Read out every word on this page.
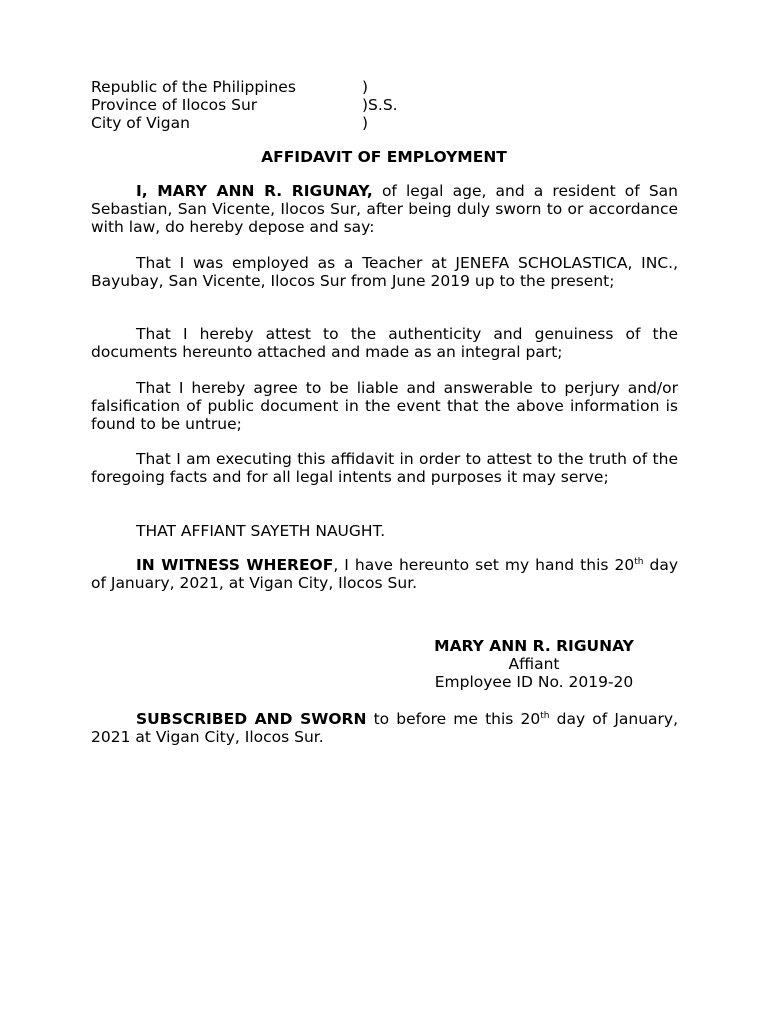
Republic of the Philippines	)
Province of Ilocos Sur	)S.S.
City of Vigan	)
AFFIDAVIT OF EMPLOYMENT

I, MARY ANN R. RIGUNAY, of legal age, and a resident of San Sebastian, San Vicente, Ilocos Sur, after being duly sworn to or accordance with law, do hereby depose and say:

That I was employed as a Teacher at JENEFA SCHOLASTICA, INC., Bayubay, San Vicente, Ilocos Sur from June 2019 up to the present;

That I hereby attest to the authenticity and genuiness of the documents hereunto attached and made as an integral part;

That I hereby agree to be liable and answerable to perjury and/or falsification of public document in the event that the above information is found to be untrue;

That I am executing this affidavit in order to attest to the truth of the foregoing facts and for all legal intents and purposes it may serve;

THAT AFFIANT SAYETH NAUGHT.

IN WITNESS WHEREOF, I have hereunto set my hand this 20th day of January, 2021, at Vigan City, Ilocos Sur.

MARY ANN R. RIGUNAY
Affiant
Employee ID No. 2019-20

SUBSCRIBED AND SWORN to before me this 20th day of January, 2021 at Vigan City, Ilocos Sur.
